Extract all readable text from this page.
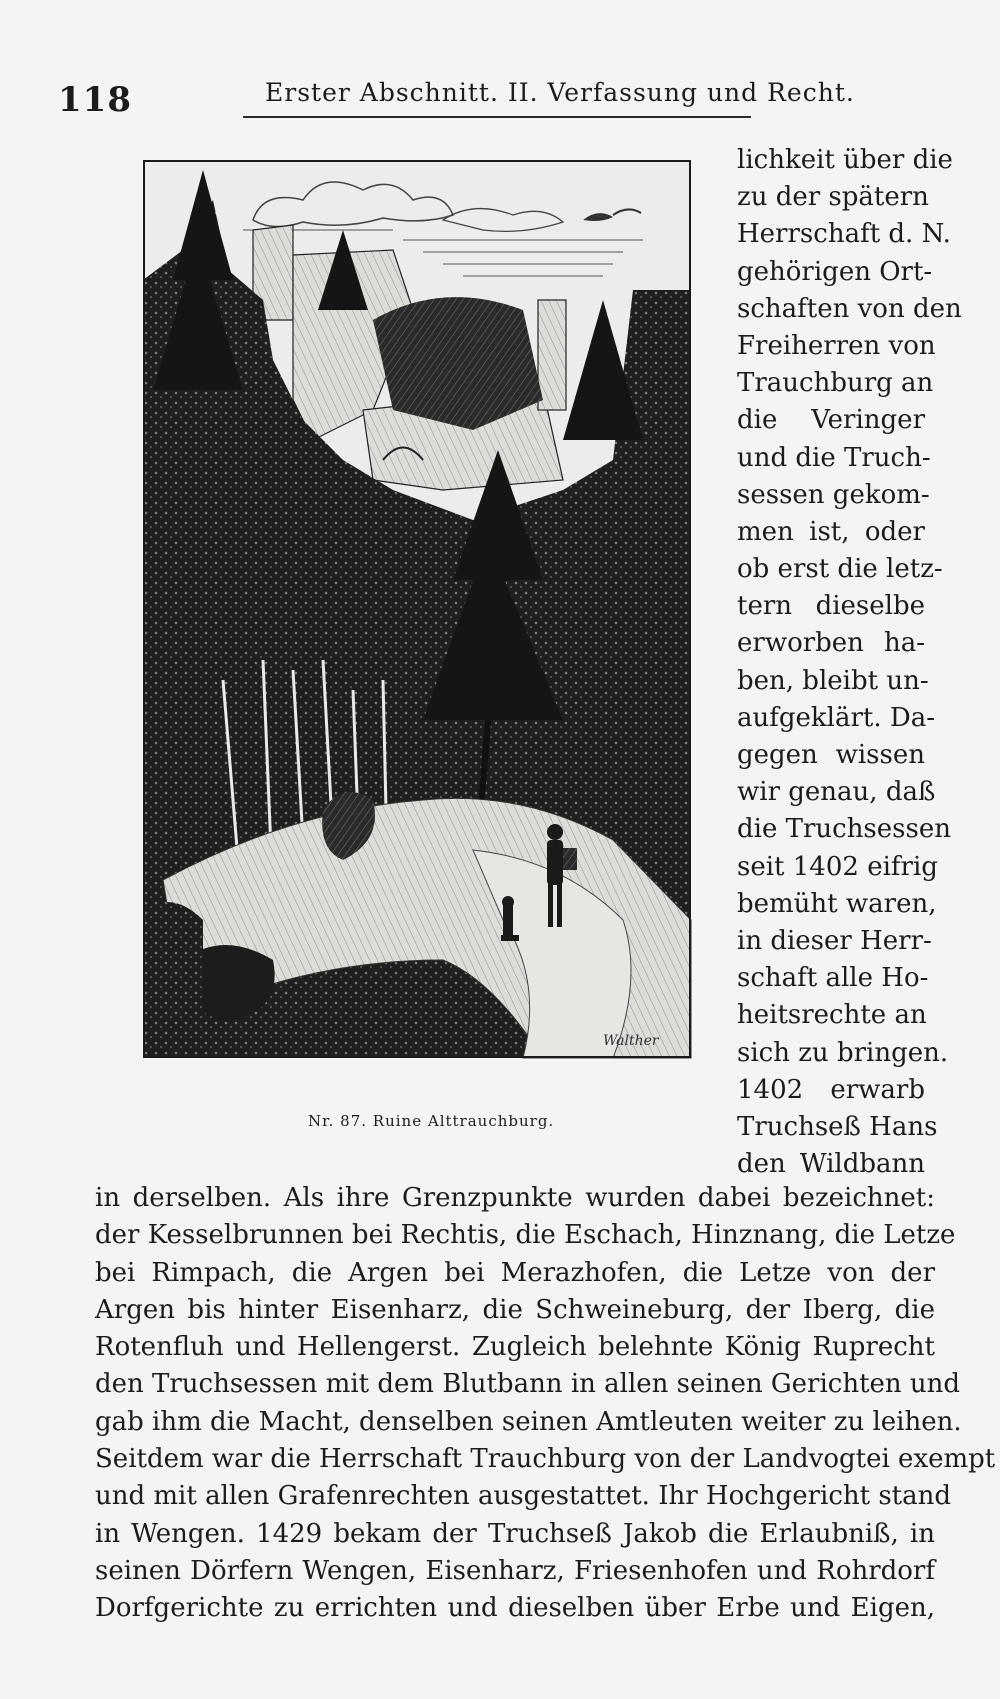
118	Erster Abschnitt. II. Verfassung und Recht.
Walther
Nr. 87. Ruine Alttrauchburg.
lichkeit über die
zu der spätern
Herrschaft d. N.
gehörigen Ort-
schaften von den
Freiherren von
Trauchburg an
die Veringer
und die Truch-
sessen gekom-
men ist, oder
ob erst die letz-
tern dieselbe
erworben ha-
ben, bleibt un-
aufgeklärt. Da-
gegen wissen
wir genau, daß
die Truchsessen
seit 1402 eifrig
bemüht waren,
in dieser Herr-
schaft alle Ho-
heitsrechte an
sich zu bringen.
1402 erwarb
Truchseß Hans
den Wildbann
in derselben. Als ihre Grenzpunkte wurden dabei bezeichnet:
der Kesselbrunnen bei Rechtis, die Eschach, Hinznang, die Letze
bei Rimpach, die Argen bei Merazhofen, die Letze von der
Argen bis hinter Eisenharz, die Schweineburg, der Iberg, die
Rotenfluh und Hellengerst. Zugleich belehnte König Ruprecht
den Truchsessen mit dem Blutbann in allen seinen Gerichten und
gab ihm die Macht, denselben seinen Amtleuten weiter zu leihen.
Seitdem war die Herrschaft Trauchburg von der Landvogtei exempt
und mit allen Grafenrechten ausgestattet. Ihr Hochgericht stand
in Wengen. 1429 bekam der Truchseß Jakob die Erlaubniß, in
seinen Dörfern Wengen, Eisenharz, Friesenhofen und Rohrdorf
Dorfgerichte zu errichten und dieselben über Erbe und Eigen,
